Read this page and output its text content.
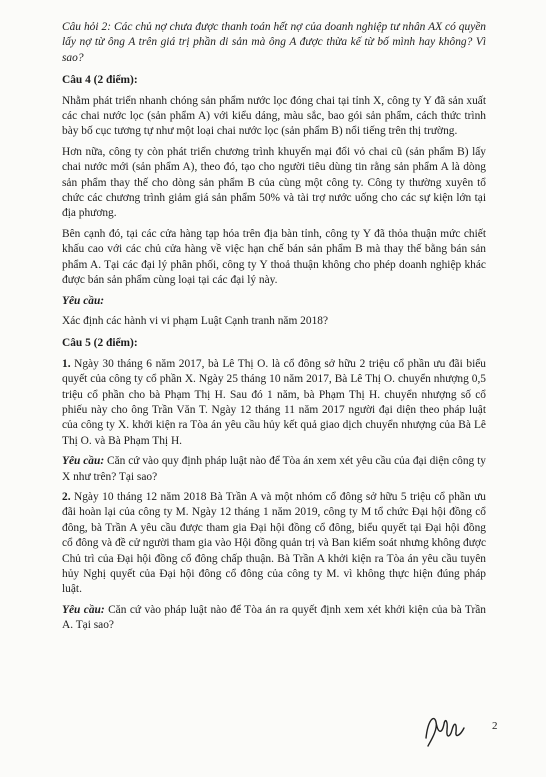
Câu hỏi 2: Các chủ nợ chưa được thanh toán hết nợ của doanh nghiệp tư nhân AX có quyền lấy nợ từ ông A trên giá trị phần di sản mà ông A được thừa kế từ bố mình hay không? Vì sao?

Câu 4 (2 điểm):

Nhằm phát triển nhanh chóng sản phẩm nước lọc đóng chai tại tỉnh X, công ty Y đã sản xuất các chai nước lọc (sản phẩm A) với kiểu dáng, màu sắc, bao gói sản phẩm, cách thức trình bày bố cục tương tự như một loại chai nước lọc (sản phẩm B) nổi tiếng trên thị trường.

Hơn nữa, công ty còn phát triển chương trình khuyến mại đổi vỏ chai cũ (sản phẩm B) lấy chai nước mới (sản phẩm A), theo đó, tạo cho người tiêu dùng tin rằng sản phẩm A là dòng sản phẩm thay thế cho dòng sản phẩm B của cùng một công ty. Công ty thường xuyên tổ chức các chương trình giảm giá sản phẩm 50% và tài trợ nước uống cho các sự kiện lớn tại địa phương.

Bên cạnh đó, tại các cửa hàng tạp hóa trên địa bàn tỉnh, công ty Y đã thỏa thuận mức chiết khấu cao với các chủ cửa hàng về việc hạn chế bán sản phẩm B mà thay thế bằng bán sản phẩm A. Tại các đại lý phân phối, công ty Y thoả thuận không cho phép doanh nghiệp khác được bán sản phẩm cùng loại tại các đại lý này.

Yêu cầu:

Xác định các hành vi vi phạm Luật Cạnh tranh năm 2018?

Câu 5 (2 điểm):

1. Ngày 30 tháng 6 năm 2017, bà Lê Thị O. là cổ đông sở hữu 2 triệu cổ phần ưu đãi biểu quyết của công ty cổ phần X. Ngày 25 tháng 10 năm 2017, Bà Lê Thị O. chuyển nhượng 0,5 triệu cổ phần cho bà Phạm Thị H. Sau đó 1 năm, bà Phạm Thị H. chuyển nhượng số cổ phiếu này cho ông Trần Văn T. Ngày 12 tháng 11 năm 2017 người đại diện theo pháp luật của công ty X. khởi kiện ra Tòa án yêu cầu hủy kết quả giao dịch chuyển nhượng của Bà Lê Thị O. và Bà Phạm Thị H.

Yêu cầu: Căn cứ vào quy định pháp luật nào để Tòa án xem xét yêu cầu của đại diện công ty X như trên? Tại sao?

2. Ngày 10 tháng 12 năm 2018 Bà Trần A và một nhóm cổ đông sở hữu 5 triệu cổ phần ưu đãi hoàn lại của công ty M. Ngày 12 tháng 1 năm 2019, công ty M tổ chức Đại hội đồng cổ đông, bà Trần A yêu cầu được tham gia Đại hội đồng cổ đông, biểu quyết tại Đại hội đồng cổ đông và đề cử người tham gia vào Hội đồng quản trị và Ban kiểm soát nhưng không được Chủ trì của Đại hội đồng cổ đông chấp thuận. Bà Trần A khởi kiện ra Tòa án yêu cầu tuyên hủy Nghị quyết của Đại hội đông cổ đông của công ty M. vì không thực hiện đúng pháp luật.

Yêu cầu: Căn cứ vào pháp luật nào để Tòa án ra quyết định xem xét khởi kiện của bà Trần A. Tại sao?

2
